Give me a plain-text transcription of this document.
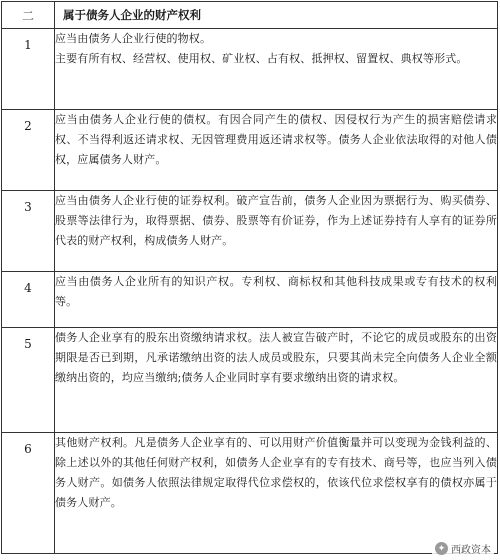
二	属于债务人企业的财产权利

1	应当由债务人企业行使的物权。

主要有所有权、经营权、使用权、矿业权、占有权、抵押权、留置权、典权等形式。

2	应当由债务人企业行使的债权。有因合同产生的债权、因侵权行为产生的损害赔偿请求权、不当得利返还请求权、无因管理费用返还请求权等。债务人企业依法取得的对他人债权，应属债务人财产。

3	应当由债务人企业行使的证券权利。破产宣告前，债务人企业因为票据行为、购买债券、股票等法律行为，取得票据、债券、股票等有价证券，作为上述证券持有人享有的证券所代表的财产权利，构成债务人财产。

4	应当由债务人企业所有的知识产权。专利权、商标权和其他科技成果或专有技术的权利等。

5	债务人企业享有的股东出资缴纳请求权。法人被宣告破产时，不论它的成员或股东的出资期限是否已到期，凡承诺缴纳出资的法人成员或股东，只要其尚未完全向债务人企业全额缴纳出资的，均应当缴纳;债务人企业同时享有要求缴纳出资的请求权。

6	其他财产权利。凡是债务人企业享有的、可以用财产价值衡量并可以变现为金钱利益的、除上述以外的其他任何财产权利，如债务人企业享有的专有技术、商号等，也应当列入债务人财产。如债务人依照法律规定取得代位求偿权的，依该代位求偿权享有的债权亦属于债务人财产。

✦ 西政资本
